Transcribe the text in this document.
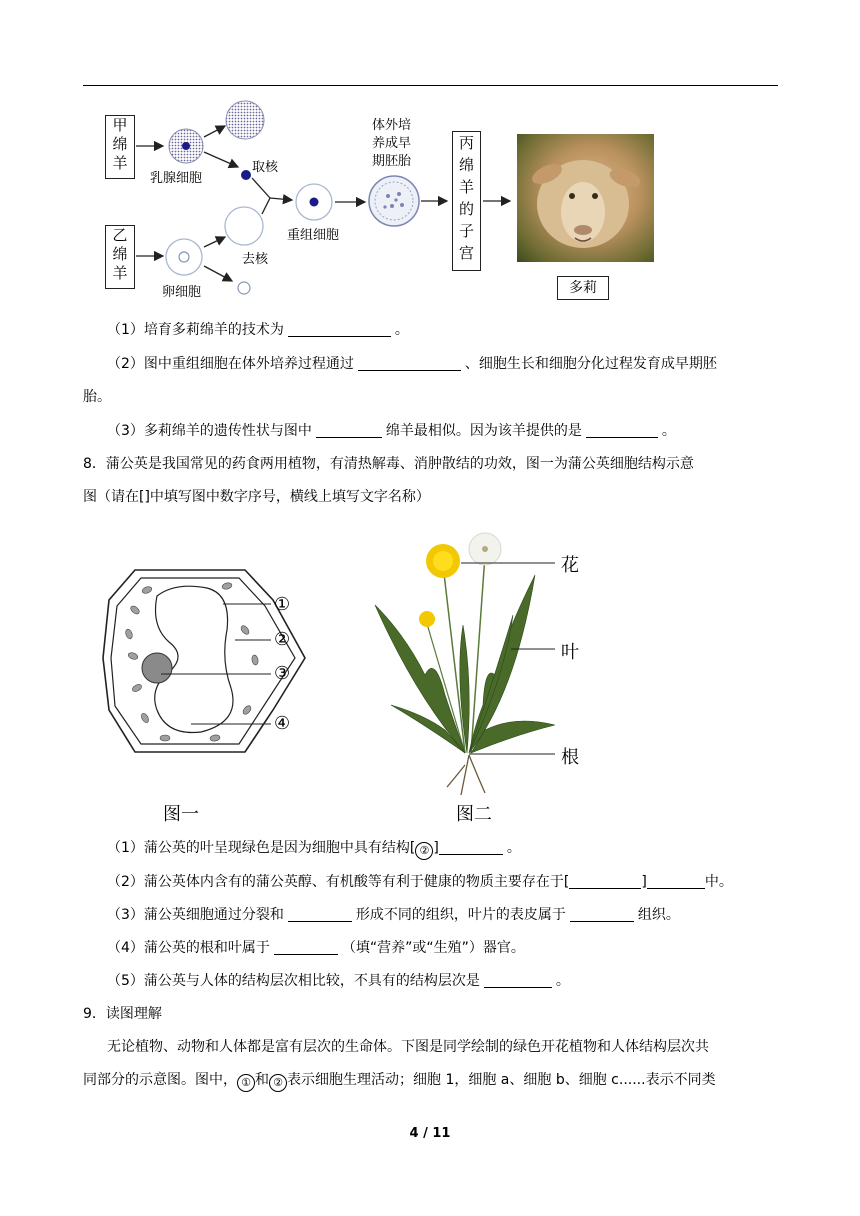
甲
绵
羊
乙
绵
羊
乳腺细胞
取核
卵细胞
去核
重组细胞
体外培
养成早
期胚胎
丙
绵
羊
的
子
宫
多莉
（1）培育多莉绵羊的技术为	。
（2）图中重组细胞在体外培养过程通过	、细胞生长和细胞分化过程发育成早期胚
胎。
（3）多莉绵羊的遗传性状与图中	绵羊最相似。因为该羊提供的是	。
8．蒲公英是我国常见的药食两用植物，有清热解毒、消肿散结的功效，图一为蒲公英细胞结构示意
图（请在[]中填写图中数字序号，横线上填写文字名称）
①
②
③
④
图一
花
叶
根
图二
（1）蒲公英的叶呈现绿色是因为细胞中具有结构[ ② ]	。
（2）蒲公英体内含有的蒲公英醇、有机酸等有利于健康的物质主要存在于[	]	中。
（3）蒲公英细胞通过分裂和	形成不同的组织，叶片的表皮属于	组织。
（4）蒲公英的根和叶属于	（填“营养”或“生殖”）器官。
（5）蒲公英与人体的结构层次相比较，不具有的结构层次是	。
9．读图理解
无论植物、动物和人体都是富有层次的生命体。下图是同学绘制的绿色开花植物和人体结构层次共
同部分的示意图。图中， ① 和 ② 表示细胞生理活动；细胞 1，细胞 a、细胞 b、细胞 c......表示不同类
4 / 11
